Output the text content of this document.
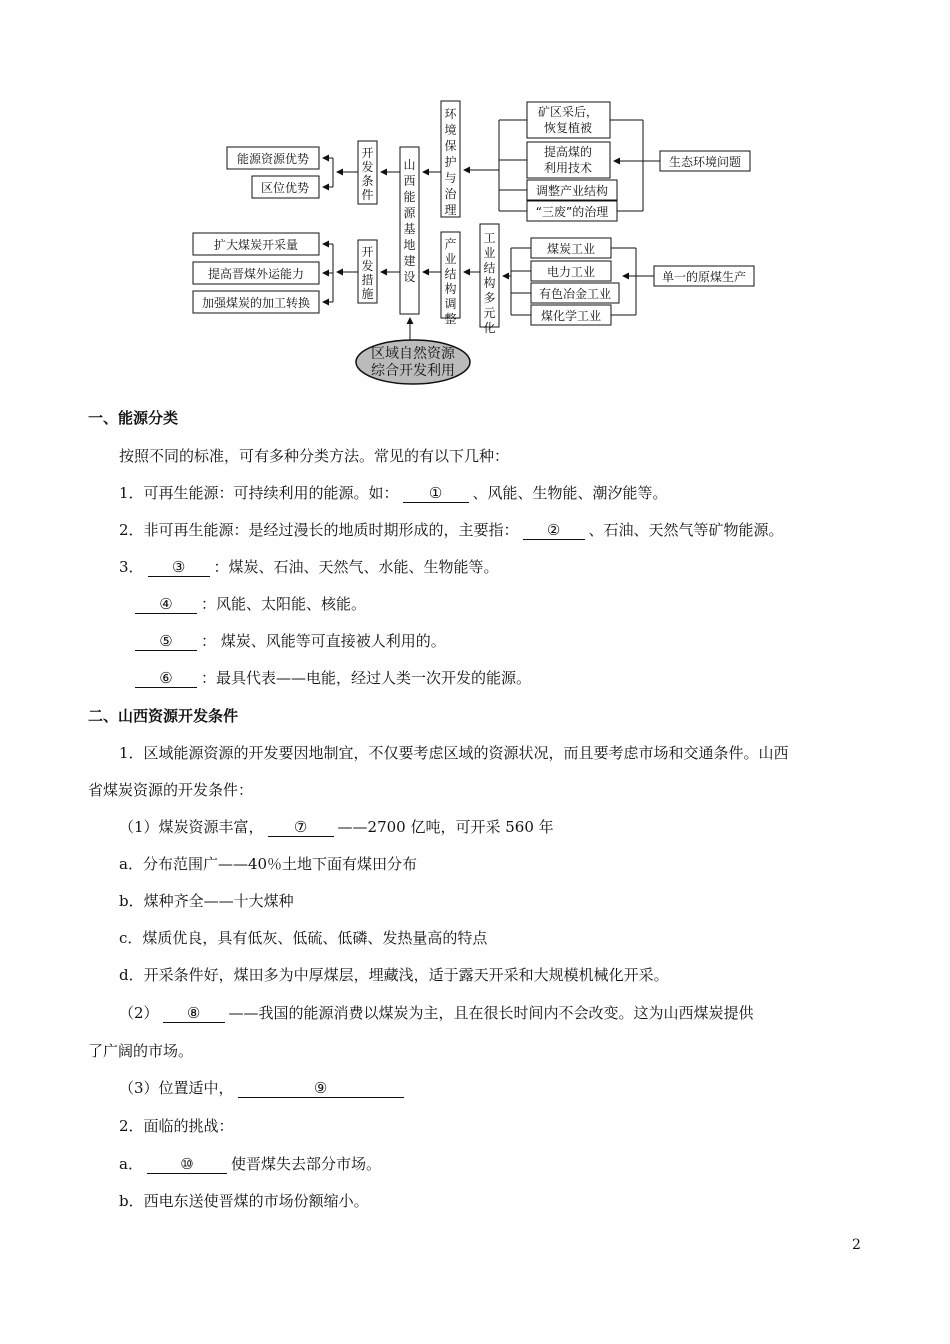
能源资源优势
区位优势
扩大煤炭开采量
提高晋煤外运能力
加强煤炭的加工转换
开
发
条
件
开
发
措
施
山
西
能
源
基
地
建
设
环
境
保
护
与
治
理
产
业
结
构
调
整
工
业
结
构
多
元
化
矿区采后，
恢复植被
提高煤的
利用技术
调整产业结构
“三废”的治理
煤炭工业
电力工业
有色冶金工业
煤化学工业
生态环境问题
单一的原煤生产
区域自然资源
综合开发利用
一、能源分类
按照不同的标准，可有多种分类方法。常见的有以下几种：
1．可再生能源：可持续利用的能源。如： ① 、风能、生物能、潮汐能等。
2．非可再生能源：是经过漫长的地质时期形成的，主要指： ② 、石油、天然气等矿物能源。
3． ③ ：煤炭、石油、天然气、水能、生物能等。
④ ：风能、太阳能、核能。
⑤ ： 煤炭、风能等可直接被人利用的。
⑥ ：最具代表——电能，经过人类一次开发的能源。
二、山西资源开发条件
1．区域能源资源的开发要因地制宜，不仅要考虑区域的资源状况，而且要考虑市场和交通条件。山西
省煤炭资源的开发条件：
（1）煤炭资源丰富， ⑦ ——2700 亿吨，可开采 560 年
a．分布范围广——40％土地下面有煤田分布
b．煤种齐全——十大煤种
c．煤质优良，具有低灰、低硫、低磷、发热量高的特点
d．开采条件好，煤田多为中厚煤层，埋藏浅，适于露天开采和大规模机械化开采。
（2） ⑧ ——我国的能源消费以煤炭为主，且在很长时间内不会改变。这为山西煤炭提供
了广阔的市场。
（3）位置适中，	⑨
2．面临的挑战：
a． ⑩ 使晋煤失去部分市场。
b．西电东送使晋煤的市场份额缩小。
2
